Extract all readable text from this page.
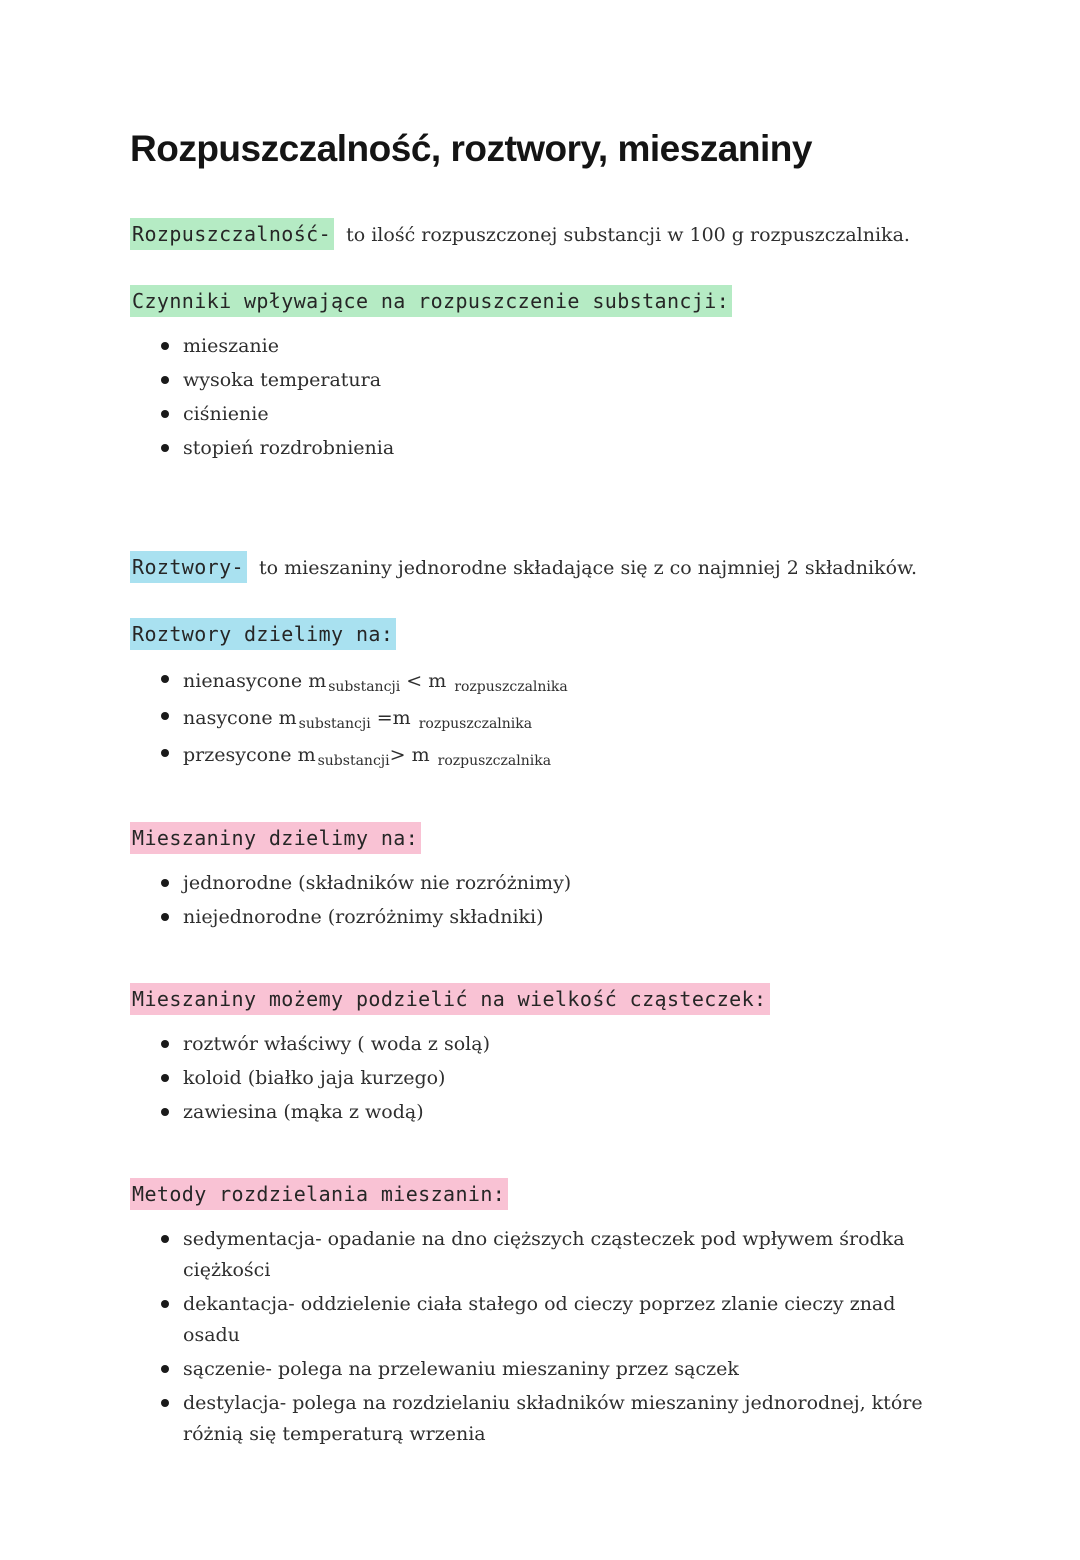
Rozpuszczalność, roztwory, mieszaniny

Rozpuszczalność- to ilość rozpuszczonej substancji w 100 g rozpuszczalnika.

Czynniki wpływające na rozpuszczenie substancji:
mieszanie
wysoka temperatura
ciśnienie
stopień rozdrobnienia

Roztwory- to mieszaniny jednorodne składające się z co najmniej 2 składników.

Roztwory dzielimy na:
nienasycone m $_{substancji}$ < m $_{rozpuszczalnika}$
nasycone m $_{substancji}$ =m $_{rozpuszczalnika}$
przesycone m $_{substancji}$> m $_{rozpuszczalnika}$
Mieszaniny dzielimy na:
jednorodne (składników nie rozróżnimy)
niejednorodne (rozróżnimy składniki)
Mieszaniny możemy podzielić na wielkość cząsteczek:
roztwór właściwy ( woda z solą)
koloid (białko jaja kurzego)
zawiesina (mąka z wodą)
Metody rozdzielania mieszanin:
sedymentacja- opadanie na dno cięższych cząsteczek pod wpływem środka ciężkości
dekantacja- oddzielenie ciała stałego od cieczy poprzez zlanie cieczy znad osadu
sączenie- polega na przelewaniu mieszaniny przez sączek
destylacja- polega na rozdzielaniu składników mieszaniny jednorodnej, które różnią się temperaturą wrzenia
